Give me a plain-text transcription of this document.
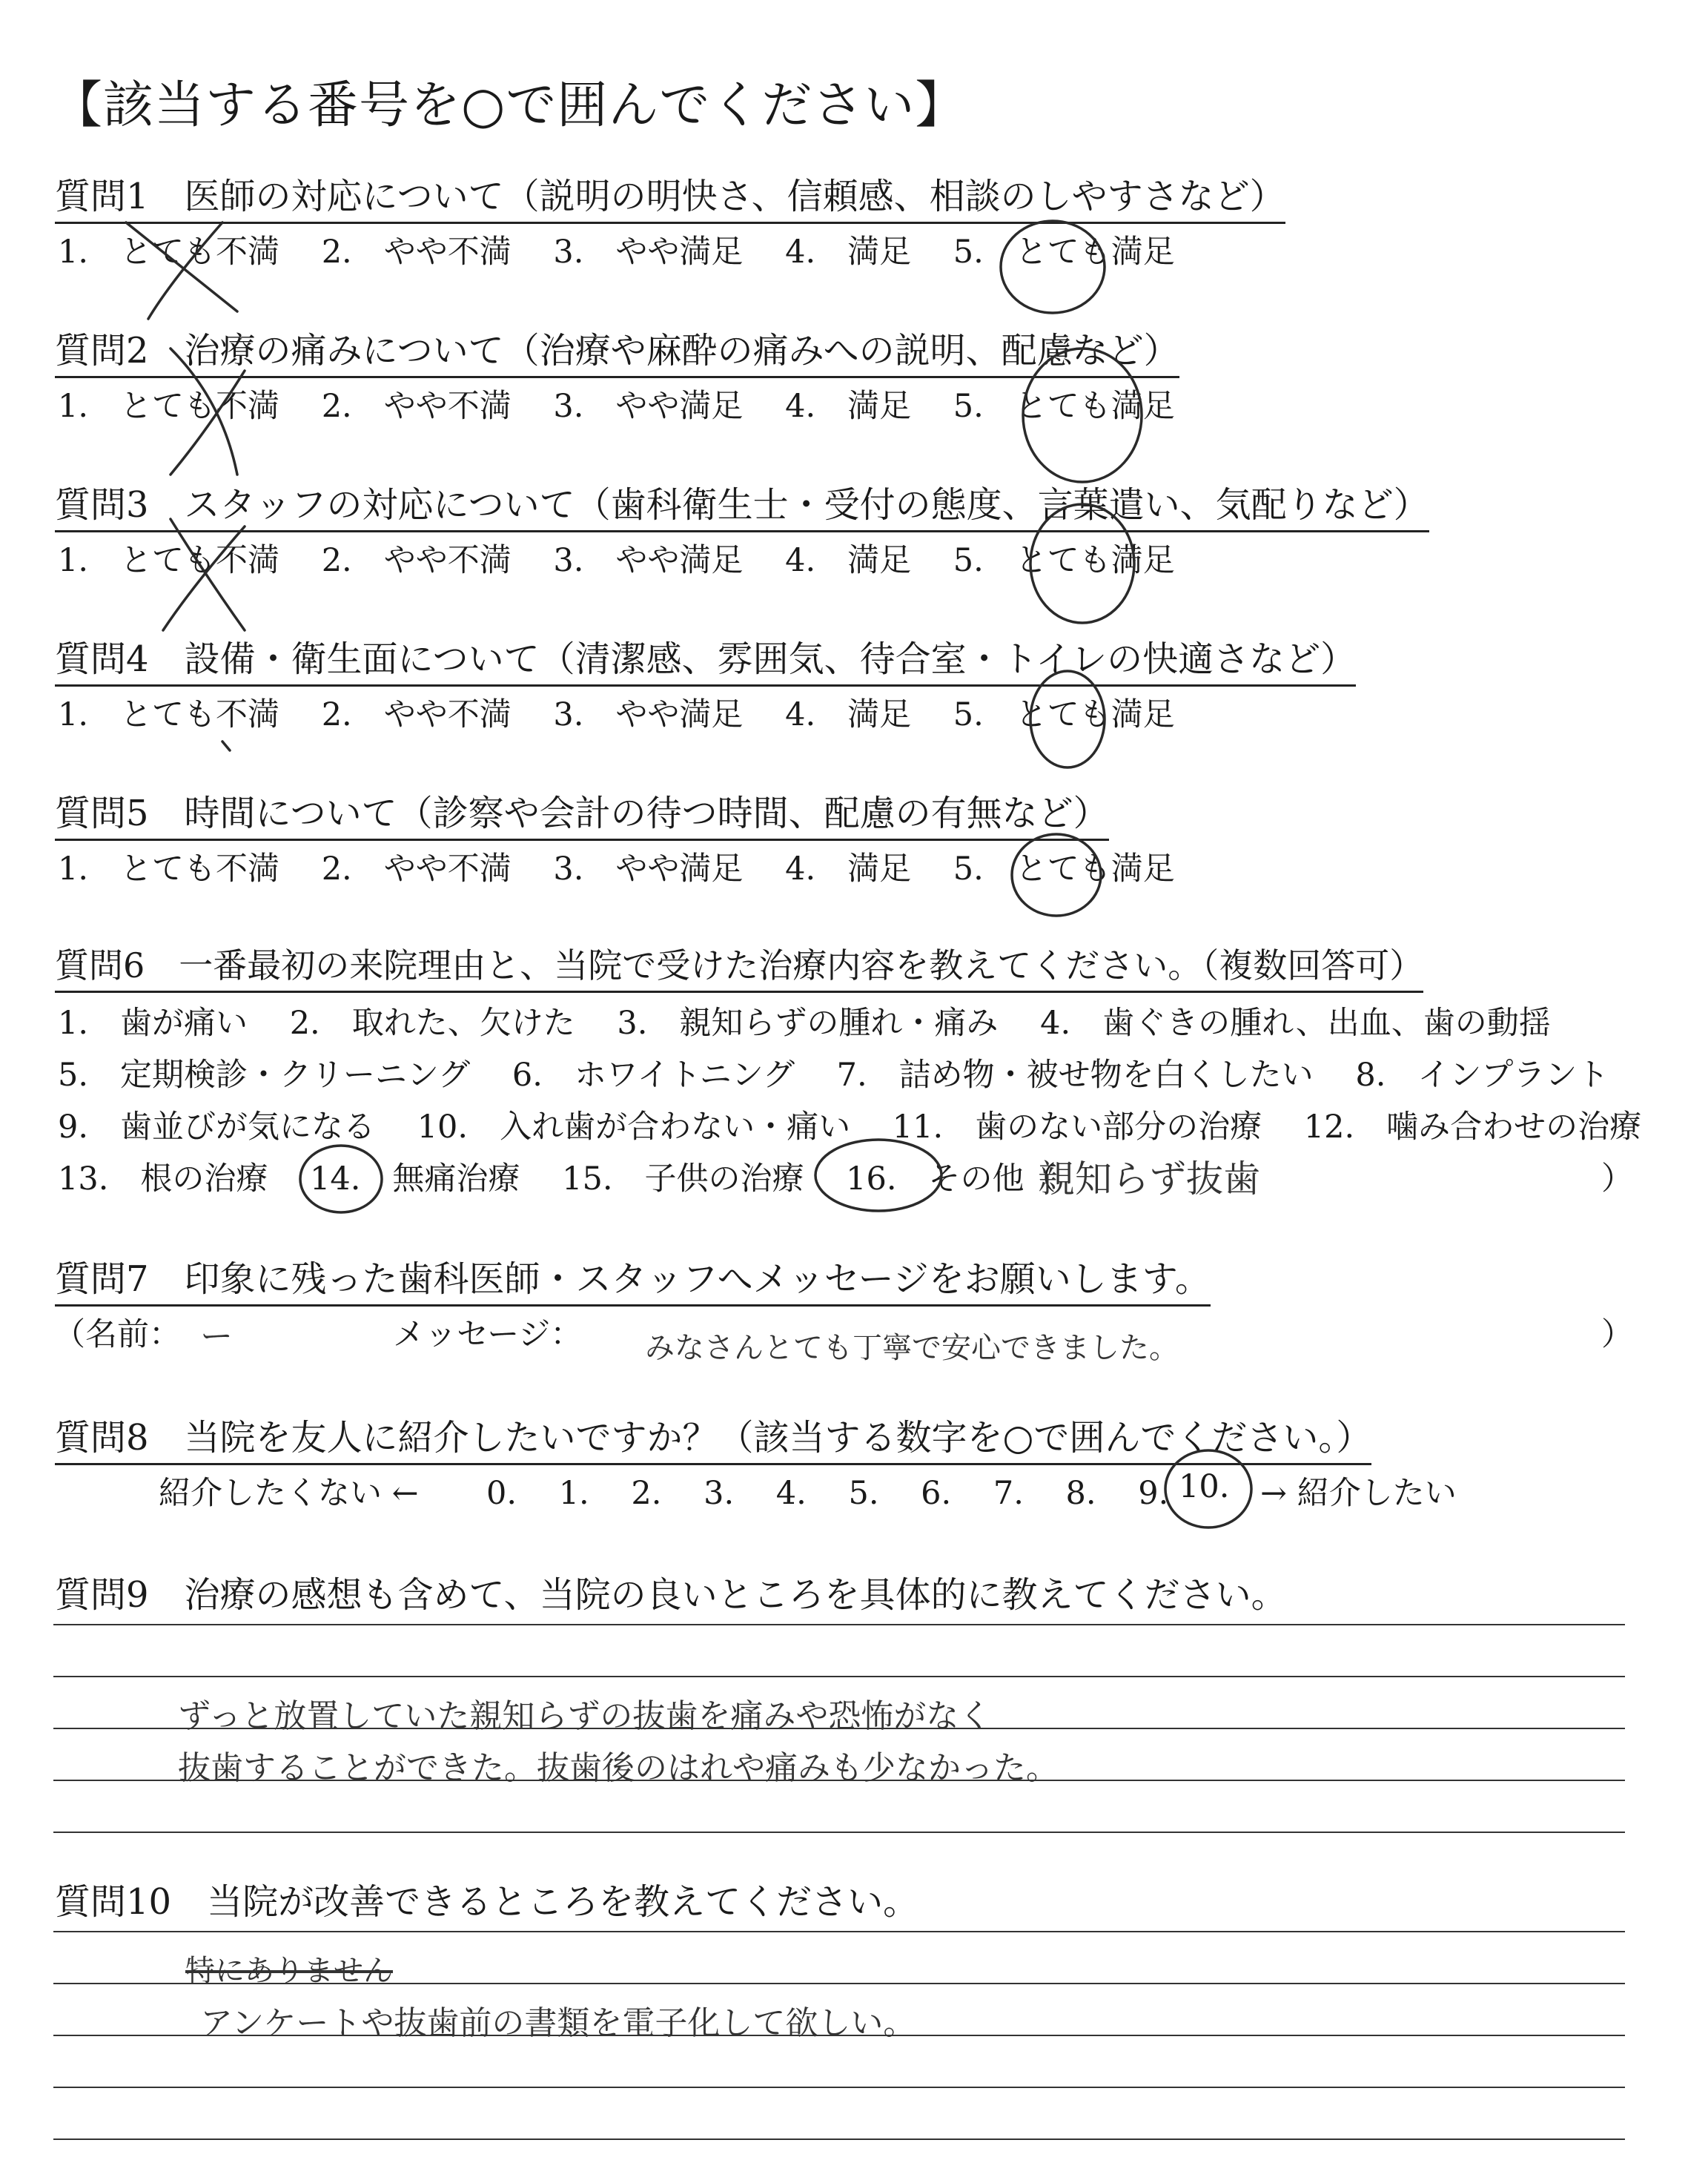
【該当する番号を○で囲んでください】
質問1　医師の対応について（説明の明快さ、信頼感、相談のしやすさなど）
1.　とても不満　 2.　やや不満　 3.　やや満足　 4.　満足　 5.　とても満足
質問2　治療の痛みについて（治療や麻酔の痛みへの説明、配慮など）
1.　とても不満　 2.　やや不満　 3.　やや満足　 4.　満足　 5.　とても満足
質問3　スタッフの対応について（歯科衛生士・受付の態度、言葉遣い、気配りなど）
1.　とても不満　 2.　やや不満　 3.　やや満足　 4.　満足　 5.　とても満足
質問4　設備・衛生面について（清潔感、雰囲気、待合室・トイレの快適さなど）
1.　とても不満　 2.　やや不満　 3.　やや満足　 4.　満足　 5.　とても満足
質問5　時間について（診察や会計の待つ時間、配慮の有無など）
1.　とても不満　 2.　やや不満　 3.　やや満足　 4.　満足　 5.　とても満足
質問6　一番最初の来院理由と、当院で受けた治療内容を教えてください。（複数回答可）
1.　歯が痛い　 2.　取れた、欠けた　 3.　親知らずの腫れ・痛み　 4.　歯ぐきの腫れ、出血、歯の動揺
5.　定期検診・クリーニング　 6.　ホワイトニング　 7.　詰め物・被せ物を白くしたい　 8.　インプラント
9.　歯並びが気になる　 10.　入れ歯が合わない・痛い　 11.　歯のない部分の治療　 12.　噛み合わせの治療
13.　根の治療　 14.　無痛治療　 15.　子供の治療　 16.　その他（
親知らず抜歯	）
質問7　印象に残った歯科医師・スタッフへメッセージをお願いします。
（名前： ー	メッセージ： みなさんとても丁寧で安心できました。	）
質問8　当院を友人に紹介したいですか？（該当する数字を○で囲んでください。）
紹介したくない ← 0.　 1.　 2.　 3.　 4.　 5.　 6.　 7.　 8.　 9. 10. → 紹介したい
質問9　治療の感想も含めて、当院の良いところを具体的に教えてください。
ずっと放置していた親知らずの抜歯を痛みや恐怖がなく
抜歯することができた。抜歯後のはれや痛みも少なかった。
質問10　当院が改善できるところを教えてください。
特にありません
アンケートや抜歯前の書類を電子化して欲しい。
